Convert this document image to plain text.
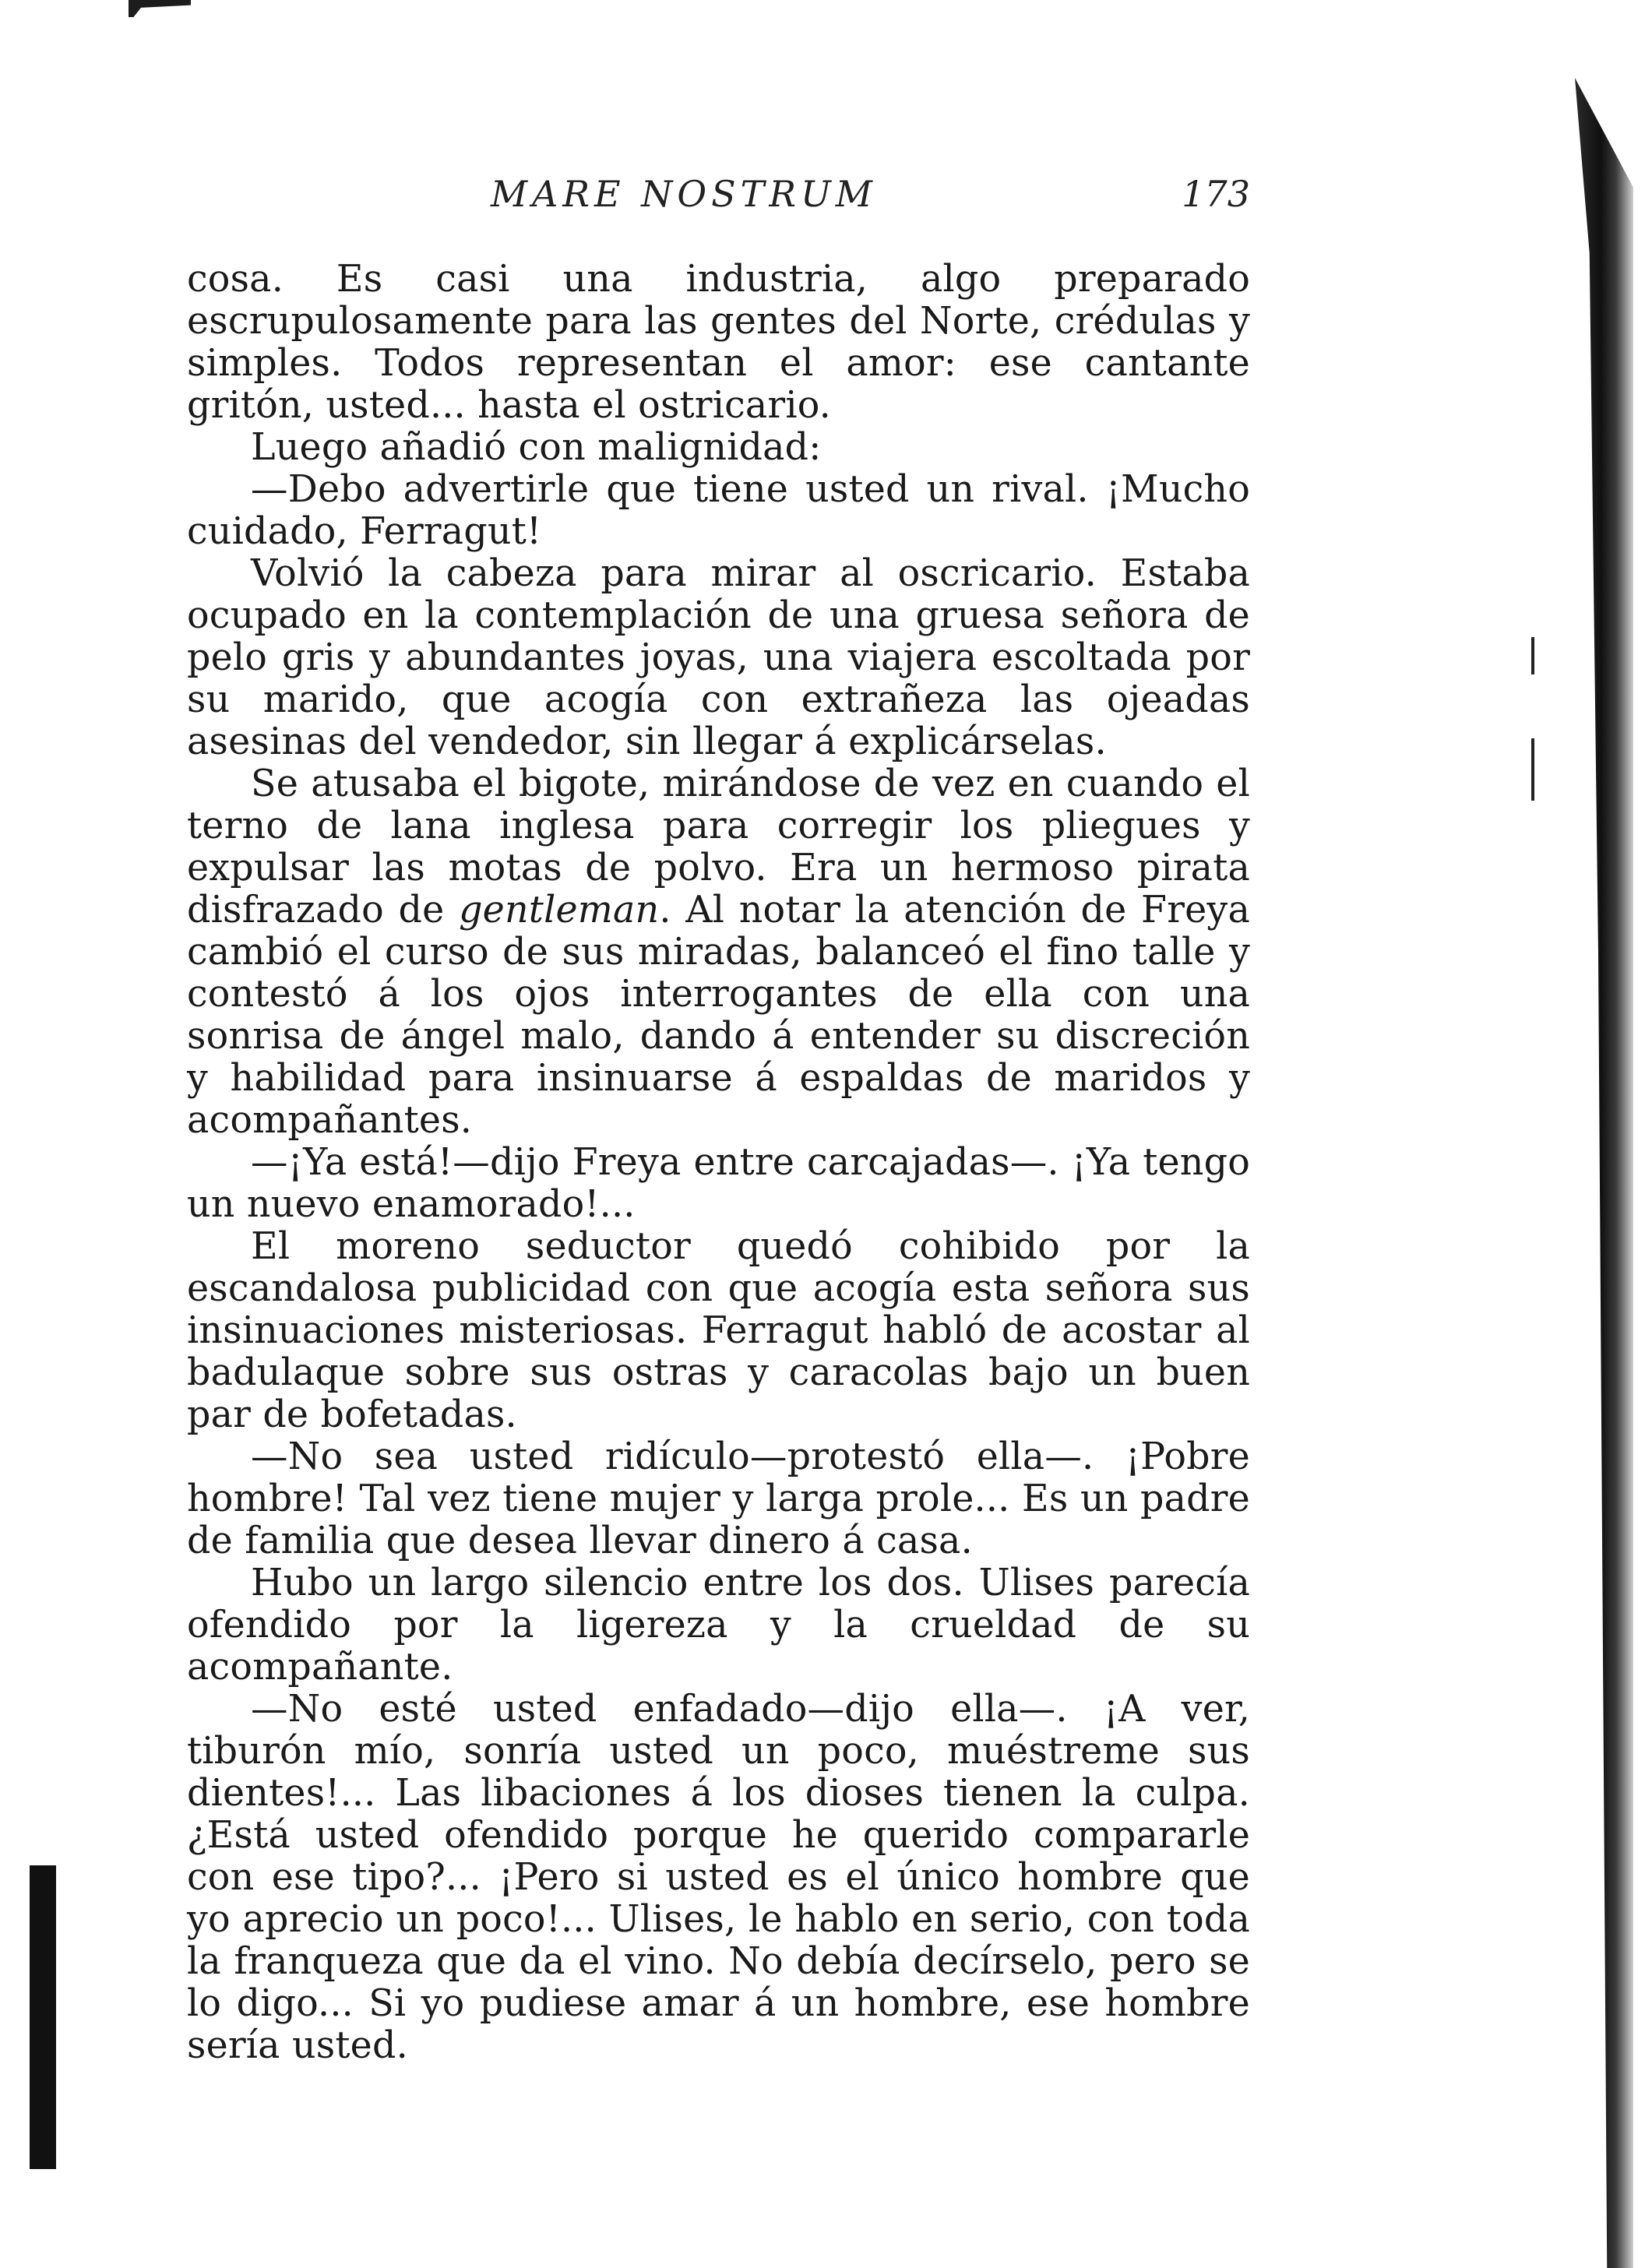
MARE NOSTRUM	173

cosa. Es casi una industria, algo preparado escrupulosamente para las gentes del Norte, crédulas y simples. Todos representan el amor: ese cantante gritón, usted... hasta el ostricario.

Luego añadió con malignidad:

—Debo advertirle que tiene usted un rival. ¡Mucho cuidado, Ferragut!

Volvió la cabeza para mirar al oscricario. Estaba ocupado en la contemplación de una gruesa señora de pelo gris y abundantes joyas, una viajera escoltada por su marido, que acogía con extrañeza las ojeadas asesinas del vendedor, sin llegar á explicárselas.

Se atusaba el bigote, mirándose de vez en cuando el terno de lana inglesa para corregir los pliegues y expulsar las motas de polvo. Era un hermoso pirata disfrazado de gentleman. Al notar la atención de Freya cambió el curso de sus miradas, balanceó el fino talle y contestó á los ojos interrogantes de ella con una sonrisa de ángel malo, dando á entender su discreción y habilidad para insinuarse á espaldas de maridos y acompañantes.

—¡Ya está!—dijo Freya entre carcajadas—. ¡Ya tengo un nuevo enamorado!...

El moreno seductor quedó cohibido por la escandalosa publicidad con que acogía esta señora sus insinuaciones misteriosas. Ferragut habló de acostar al badulaque sobre sus ostras y caracolas bajo un buen par de bofetadas.

—No sea usted ridículo—protestó ella—. ¡Pobre hombre! Tal vez tiene mujer y larga prole... Es un padre de familia que desea llevar dinero á casa.

Hubo un largo silencio entre los dos. Ulises parecía ofendido por la ligereza y la crueldad de su acompañante.

—No esté usted enfadado—dijo ella—. ¡A ver, tiburón mío, sonría usted un poco, muéstreme sus dientes!... Las libaciones á los dioses tienen la culpa. ¿Está usted ofendido porque he querido compararle con ese tipo?... ¡Pero si usted es el único hombre que yo aprecio un poco!... Ulises, le hablo en serio, con toda la franqueza que da el vino. No debía decírselo, pero se lo digo... Si yo pudiese amar á un hombre, ese hombre sería usted.
